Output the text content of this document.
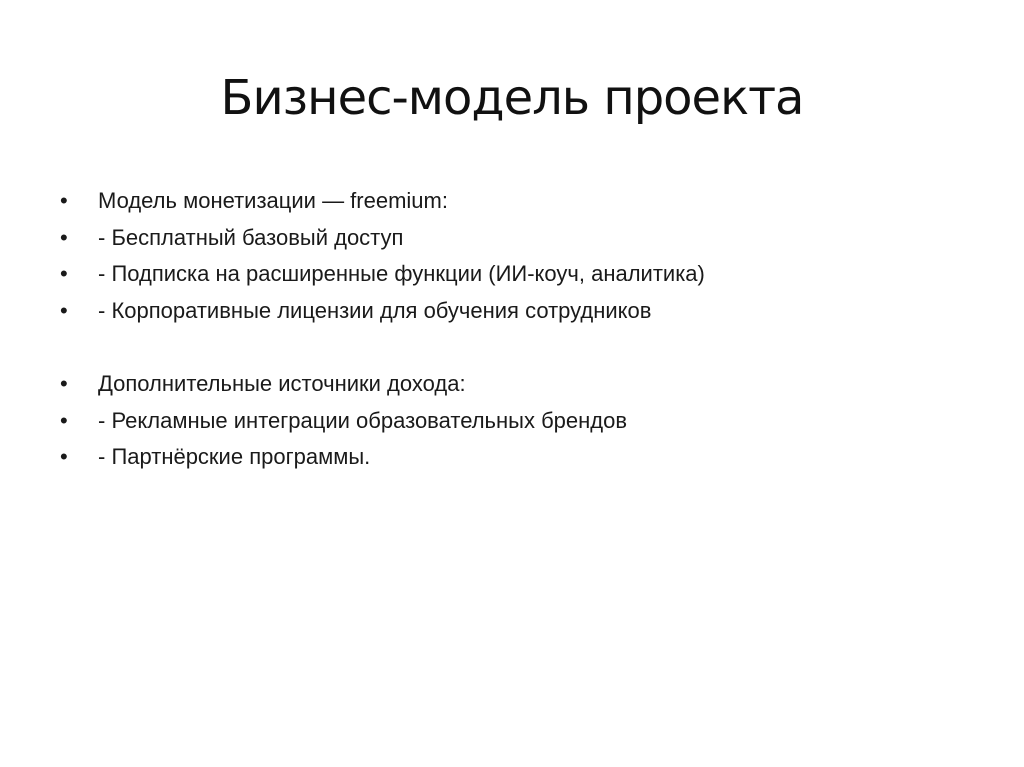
Бизнес-модель проекта
•	Модель монетизации — freemium:
•	- Бесплатный базовый доступ
•	- Подписка на расширенные функции (ИИ-коуч, аналитика)
•	- Корпоративные лицензии для обучения сотрудников
•	Дополнительные источники дохода:
•	- Рекламные интеграции образовательных брендов
•	- Партнёрские программы.
